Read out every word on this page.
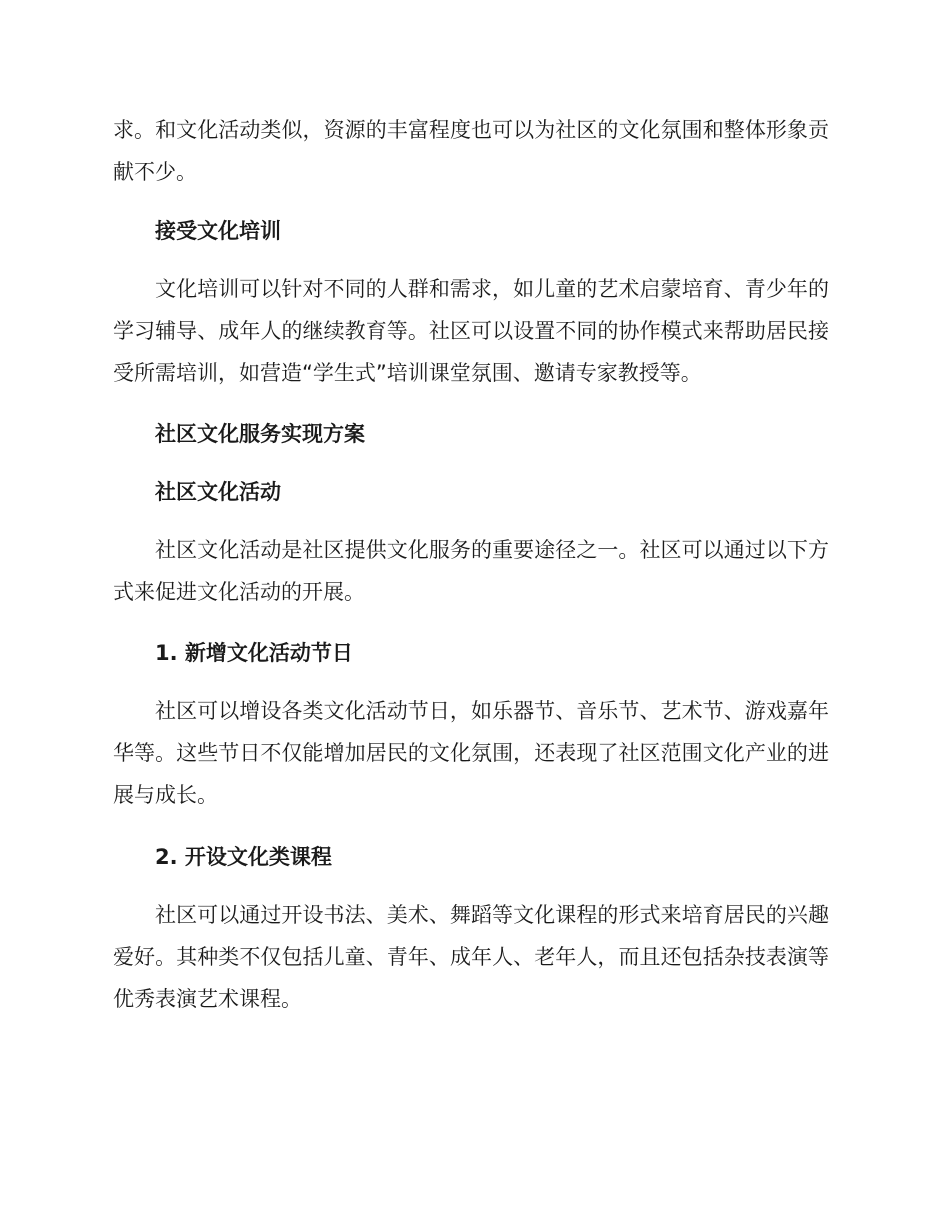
求。和文化活动类似，资源的丰富程度也可以为社区的文化氛围和整体形象贡献不少。

接受文化培训

文化培训可以针对不同的人群和需求，如儿童的艺术启蒙培育、青少年的学习辅导、成年人的继续教育等。社区可以设置不同的协作模式来帮助居民接受所需培训，如营造“学生式”培训课堂氛围、邀请专家教授等。

社区文化服务实现方案

社区文化活动

社区文化活动是社区提供文化服务的重要途径之一。社区可以通过以下方式来促进文化活动的开展。

1. 新增文化活动节日

社区可以增设各类文化活动节日，如乐器节、音乐节、艺术节、游戏嘉年华等。这些节日不仅能增加居民的文化氛围，还表现了社区范围文化产业的进展与成长。

2. 开设文化类课程

社区可以通过开设书法、美术、舞蹈等文化课程的形式来培育居民的兴趣爱好。其种类不仅包括儿童、青年、成年人、老年人，而且还包括杂技表演等优秀表演艺术课程。
